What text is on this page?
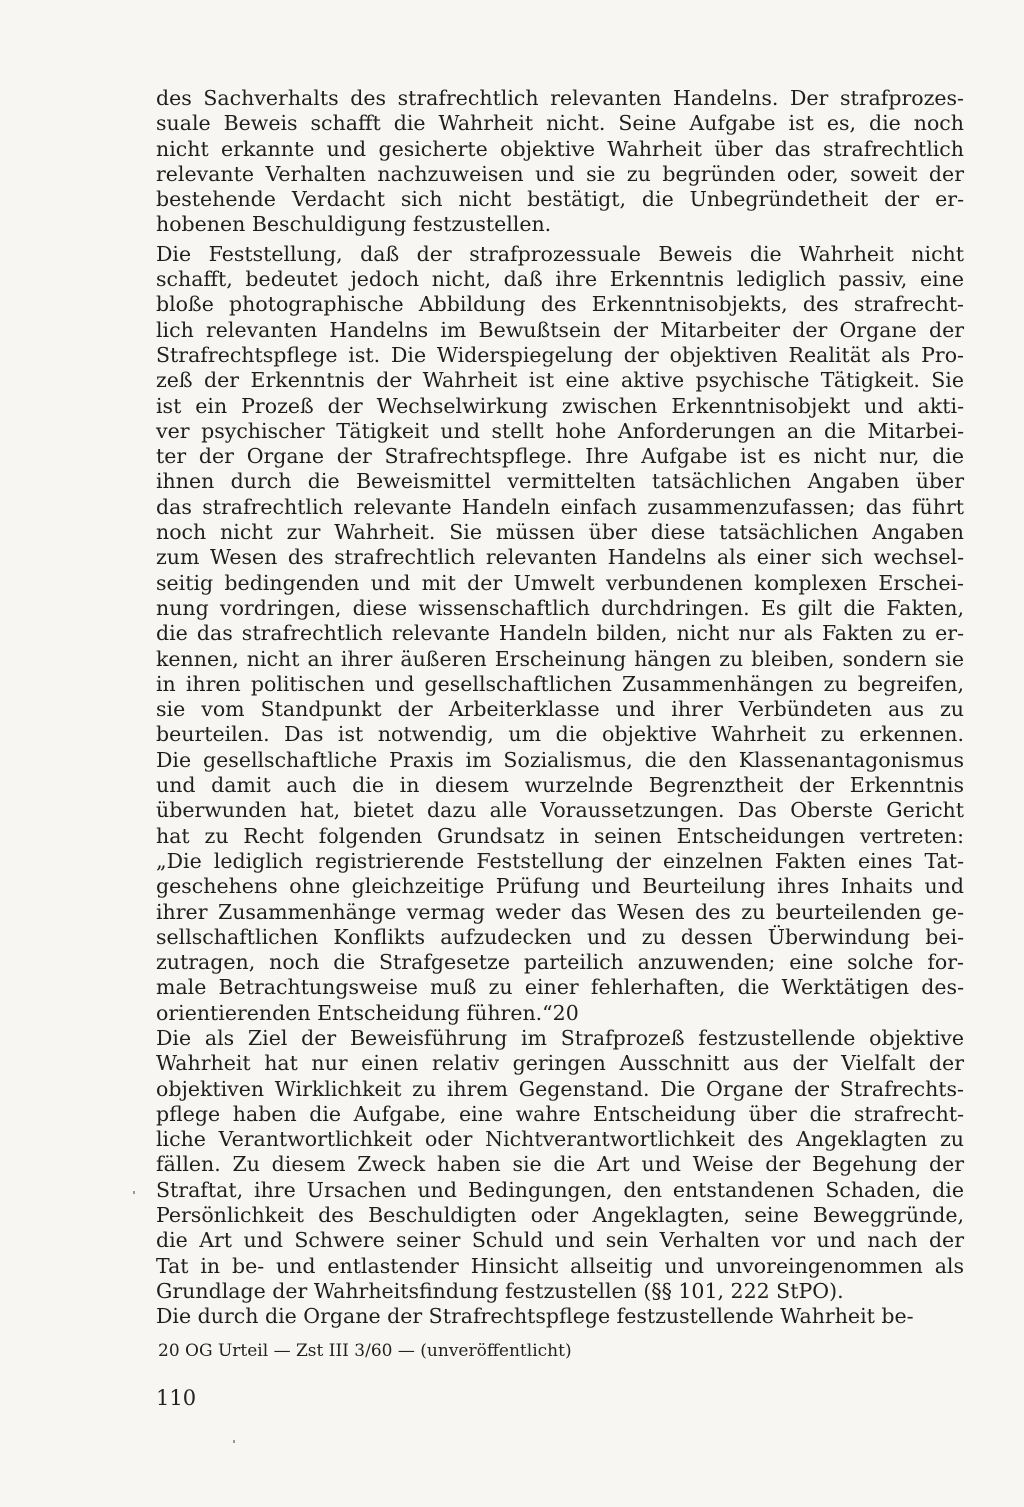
des Sachverhalts des strafrechtlich relevanten Handelns. Der strafprozes-
suale Beweis schafft die Wahrheit nicht. Seine Aufgabe ist es, die noch
nicht erkannte und gesicherte objektive Wahrheit über das strafrechtlich
relevante Verhalten nachzuweisen und sie zu begründen oder, soweit der
bestehende Verdacht sich nicht bestätigt, die Unbegründetheit der er-
hobenen Beschuldigung festzustellen.
Die Feststellung, daß der strafprozessuale Beweis die Wahrheit nicht
schafft, bedeutet jedoch nicht, daß ihre Erkenntnis lediglich passiv, eine
bloße photographische Abbildung des Erkenntnisobjekts, des strafrecht-
lich relevanten Handelns im Bewußtsein der Mitarbeiter der Organe der
Strafrechtspflege ist. Die Widerspiegelung der objektiven Realität als Pro-
zeß der Erkenntnis der Wahrheit ist eine aktive psychische Tätigkeit. Sie
ist ein Prozeß der Wechselwirkung zwischen Erkenntnisobjekt und akti-
ver psychischer Tätigkeit und stellt hohe Anforderungen an die Mitarbei-
ter der Organe der Strafrechtspflege. Ihre Aufgabe ist es nicht nur, die
ihnen durch die Beweismittel vermittelten tatsächlichen Angaben über
das strafrechtlich relevante Handeln einfach zusammenzufassen; das führt
noch nicht zur Wahrheit. Sie müssen über diese tatsächlichen Angaben
zum Wesen des strafrechtlich relevanten Handelns als einer sich wechsel-
seitig bedingenden und mit der Umwelt verbundenen komplexen Erschei-
nung vordringen, diese wissenschaftlich durchdringen. Es gilt die Fakten,
die das strafrechtlich relevante Handeln bilden, nicht nur als Fakten zu er-
kennen, nicht an ihrer äußeren Erscheinung hängen zu bleiben, sondern sie
in ihren politischen und gesellschaftlichen Zusammenhängen zu begreifen,
sie vom Standpunkt der Arbeiterklasse und ihrer Verbündeten aus zu
beurteilen. Das ist notwendig, um die objektive Wahrheit zu erkennen.
Die gesellschaftliche Praxis im Sozialismus, die den Klassenantagonismus
und damit auch die in diesem wurzelnde Begrenztheit der Erkenntnis
überwunden hat, bietet dazu alle Voraussetzungen. Das Oberste Gericht
hat zu Recht folgenden Grundsatz in seinen Entscheidungen vertreten:
„Die lediglich registrierende Feststellung der einzelnen Fakten eines Tat-
geschehens ohne gleichzeitige Prüfung und Beurteilung ihres Inhaits und
ihrer Zusammenhänge vermag weder das Wesen des zu beurteilenden ge-
sellschaftlichen Konflikts aufzudecken und zu dessen Überwindung bei-
zutragen, noch die Strafgesetze parteilich anzuwenden; eine solche for-
male Betrachtungsweise muß zu einer fehlerhaften, die Werktätigen des-
orientierenden Entscheidung führen.“20
Die als Ziel der Beweisführung im Strafprozeß festzustellende objektive
Wahrheit hat nur einen relativ geringen Ausschnitt aus der Vielfalt der
objektiven Wirklichkeit zu ihrem Gegenstand. Die Organe der Strafrechts-
pflege haben die Aufgabe, eine wahre Entscheidung über die strafrecht-
liche Verantwortlichkeit oder Nichtverantwortlichkeit des Angeklagten zu
fällen. Zu diesem Zweck haben sie die Art und Weise der Begehung der
Straftat, ihre Ursachen und Bedingungen, den entstandenen Schaden, die
Persönlichkeit des Beschuldigten oder Angeklagten, seine Beweggründe,
die Art und Schwere seiner Schuld und sein Verhalten vor und nach der
Tat in be- und entlastender Hinsicht allseitig und unvoreingenommen als
Grundlage der Wahrheitsfindung festzustellen (§§ 101, 222 StPO).
Die durch die Organe der Strafrechtspflege festzustellende Wahrheit be-
20 OG Urteil — Zst III 3/60 — (unveröffentlicht)
110
